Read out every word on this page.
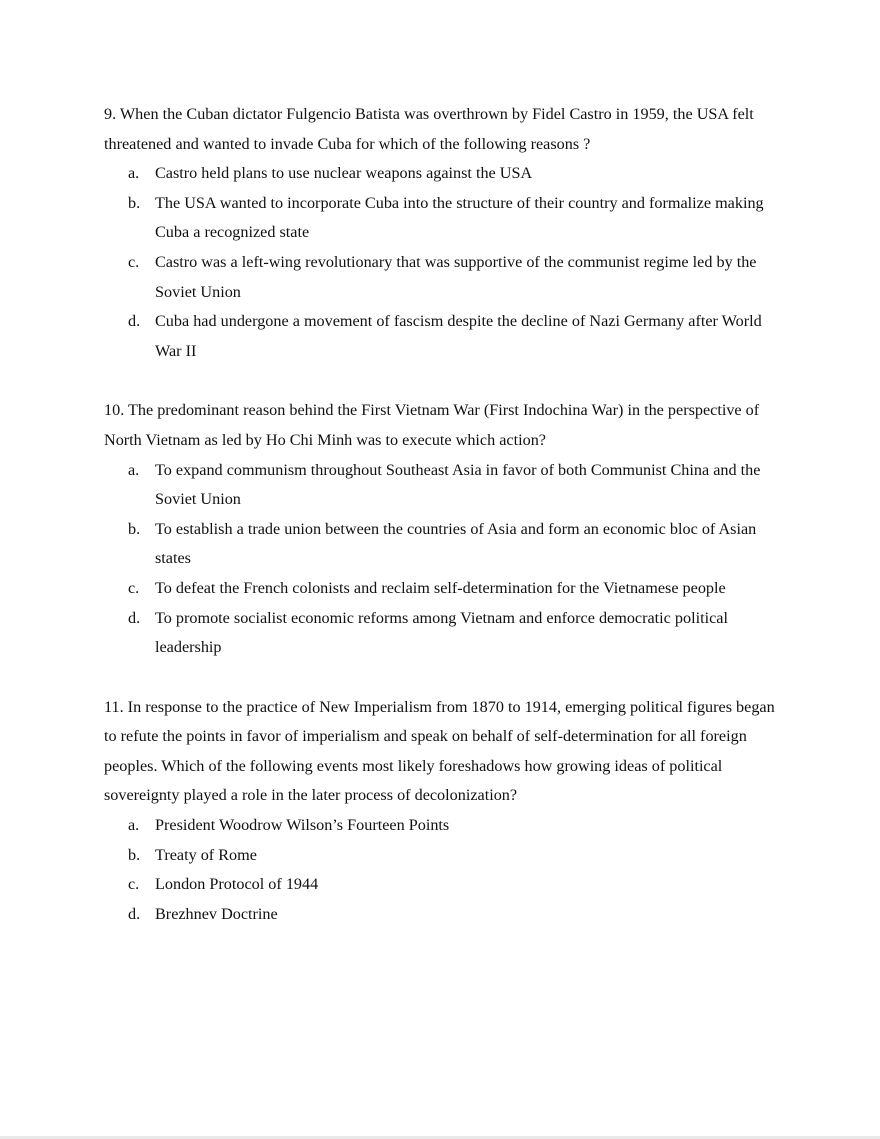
9. When the Cuban dictator Fulgencio Batista was overthrown by Fidel Castro in 1959, the USA felt threatened and wanted to invade Cuba for which of the following reasons ?

a. Castro held plans to use nuclear weapons against the USA
b. The USA wanted to incorporate Cuba into the structure of their country and formalize making Cuba a recognized state
c. Castro was a left-wing revolutionary that was supportive of the communist regime led by the Soviet Union
d. Cuba had undergone a movement of fascism despite the decline of Nazi Germany after World War II

10. The predominant reason behind the First Vietnam War (First Indochina War) in the perspective of North Vietnam as led by Ho Chi Minh was to execute which action?

a. To expand communism throughout Southeast Asia in favor of both Communist China and the Soviet Union
b. To establish a trade union between the countries of Asia and form an economic bloc of Asian states
c. To defeat the French colonists and reclaim self-determination for the Vietnamese people
d. To promote socialist economic reforms among Vietnam and enforce democratic political leadership

11. In response to the practice of New Imperialism from 1870 to 1914, emerging political figures began to refute the points in favor of imperialism and speak on behalf of self-determination for all foreign peoples. Which of the following events most likely foreshadows how growing ideas of political sovereignty played a role in the later process of decolonization?

a. President Woodrow Wilson’s Fourteen Points
b. Treaty of Rome
c. London Protocol of 1944
d. Brezhnev Doctrine
